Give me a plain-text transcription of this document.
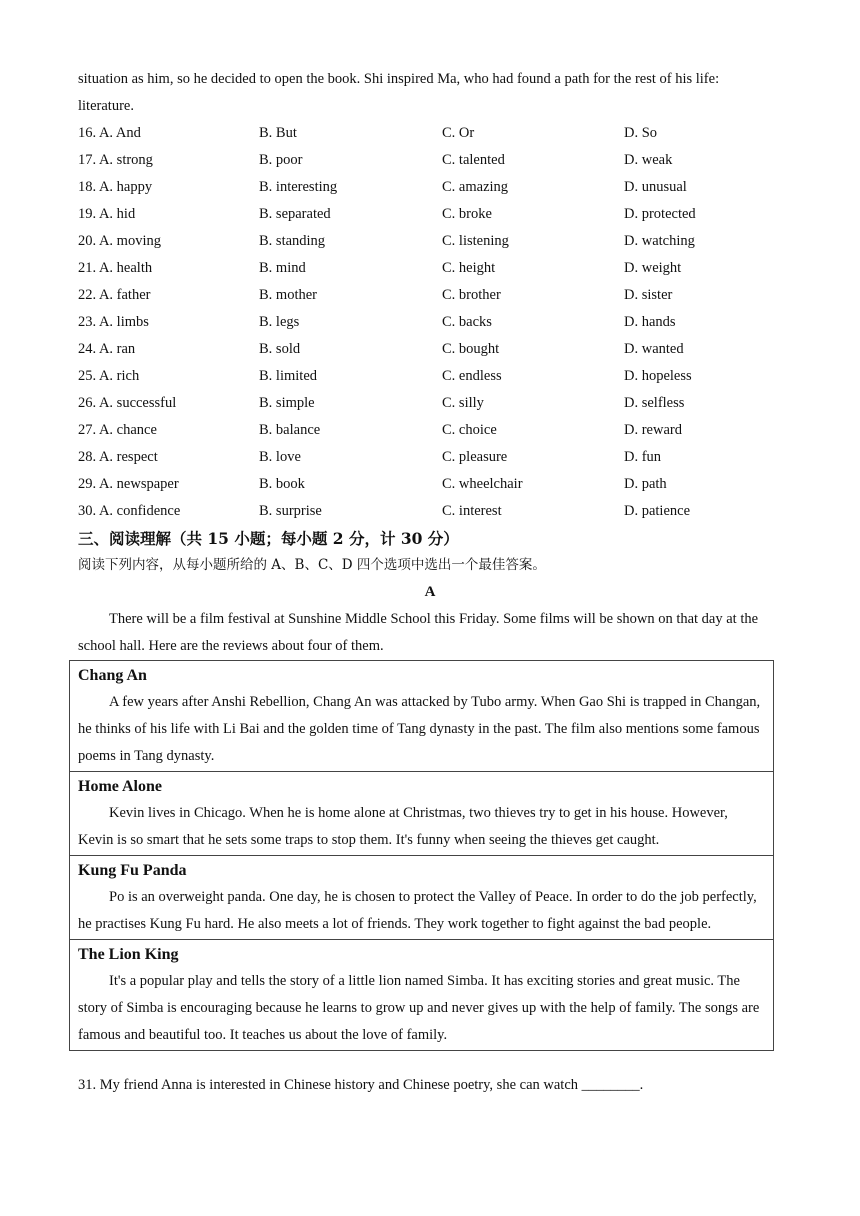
situation as him, so he decided to open the book. Shi inspired Ma, who had found a path for the rest of his life:
literature.
16. A. And	B. But	C. Or	D. So
17. A. strong	B. poor	C. talented	D. weak
18. A. happy	B. interesting	C. amazing	D. unusual
19. A. hid	B. separated	C. broke	D. protected
20. A. moving	B. standing	C. listening	D. watching
21. A. health	B. mind	C. height	D. weight
22. A. father	B. mother	C. brother	D. sister
23. A. limbs	B. legs	C. backs	D. hands
24. A. ran	B. sold	C. bought	D. wanted
25. A. rich	B. limited	C. endless	D. hopeless
26. A. successful	B. simple	C. silly	D. selfless
27. A. chance	B. balance	C. choice	D. reward
28. A. respect	B. love	C. pleasure	D. fun
29. A. newspaper	B. book	C. wheelchair	D. path
30. A. confidence	B. surprise	C. interest	D. patience
三、阅读理解（共 15 小题；每小题 2 分，计 30 分）
阅读下列内容，从每小题所给的 A、B、C、D 四个选项中选出一个最佳答案。
A
There will be a film festival at Sunshine Middle School this Friday. Some films will be shown on that day at the school hall. Here are the reviews about four of them.
Chang An
A few years after Anshi Rebellion, Chang An was attacked by Tubo army. When Gao Shi is trapped in Changan, he thinks of his life with Li Bai and the golden time of Tang dynasty in the past. The film also mentions some famous poems in Tang dynasty.

Home Alone
Kevin lives in Chicago. When he is home alone at Christmas, two thieves try to get in his house. However, Kevin is so smart that he sets some traps to stop them. It's funny when seeing the thieves get caught.

Kung Fu Panda
Po is an overweight panda. One day, he is chosen to protect the Valley of Peace. In order to do the job perfectly, he practises Kung Fu hard. He also meets a lot of friends. They work together to fight against the bad people.

The Lion King
It's a popular play and tells the story of a little lion named Simba. It has exciting stories and great music. The story of Simba is encouraging because he learns to grow up and never gives up with the help of family. The songs are famous and beautiful too. It teaches us about the love of family.
31. My friend Anna is interested in Chinese history and Chinese poetry, she can watch ________.
